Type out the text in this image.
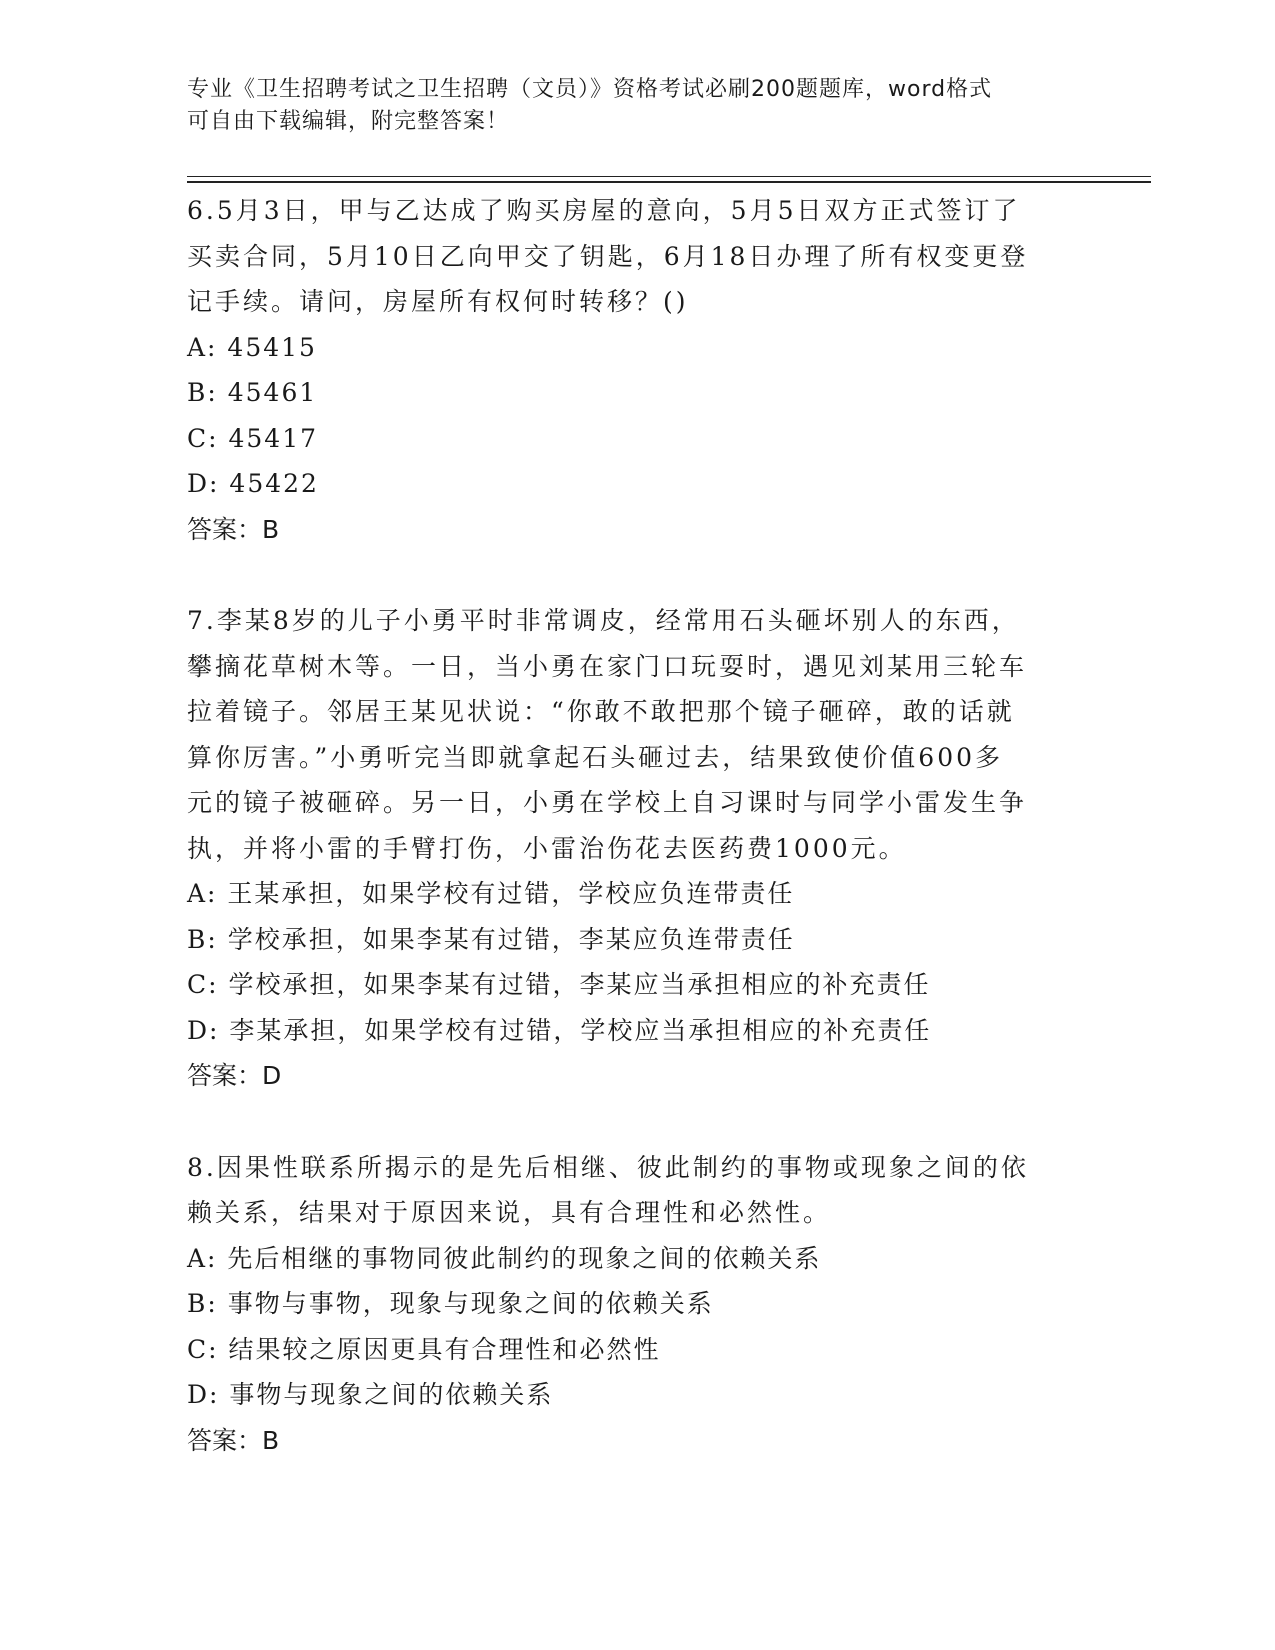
专业《卫生招聘考试之卫生招聘（文员）》资格考试必刷200题题库，word格式
可自由下载编辑，附完整答案！

6.5月3日，甲与乙达成了购买房屋的意向，5月5日双方正式签订了
买卖合同，5月10日乙向甲交了钥匙，6月18日办理了所有权变更登
记手续。请问，房屋所有权何时转移？()

A: 45415

B: 45461

C: 45417

D: 45422

答案：B

7.李某8岁的儿子小勇平时非常调皮，经常用石头砸坏别人的东西，
攀摘花草树木等。一日，当小勇在家门口玩耍时，遇见刘某用三轮车
拉着镜子。邻居王某见状说：“你敢不敢把那个镜子砸碎，敢的话就
算你厉害。”小勇听完当即就拿起石头砸过去，结果致使价值600多
元的镜子被砸碎。另一日，小勇在学校上自习课时与同学小雷发生争
执，并将小雷的手臂打伤，小雷治伤花去医药费1000元。

A: 王某承担，如果学校有过错，学校应负连带责任

B: 学校承担，如果李某有过错，李某应负连带责任

C: 学校承担，如果李某有过错，李某应当承担相应的补充责任

D: 李某承担，如果学校有过错，学校应当承担相应的补充责任

答案：D

8.因果性联系所揭示的是先后相继、彼此制约的事物或现象之间的依
赖关系，结果对于原因来说，具有合理性和必然性。

A: 先后相继的事物同彼此制约的现象之间的依赖关系

B: 事物与事物，现象与现象之间的依赖关系

C: 结果较之原因更具有合理性和必然性

D: 事物与现象之间的依赖关系

答案：B
